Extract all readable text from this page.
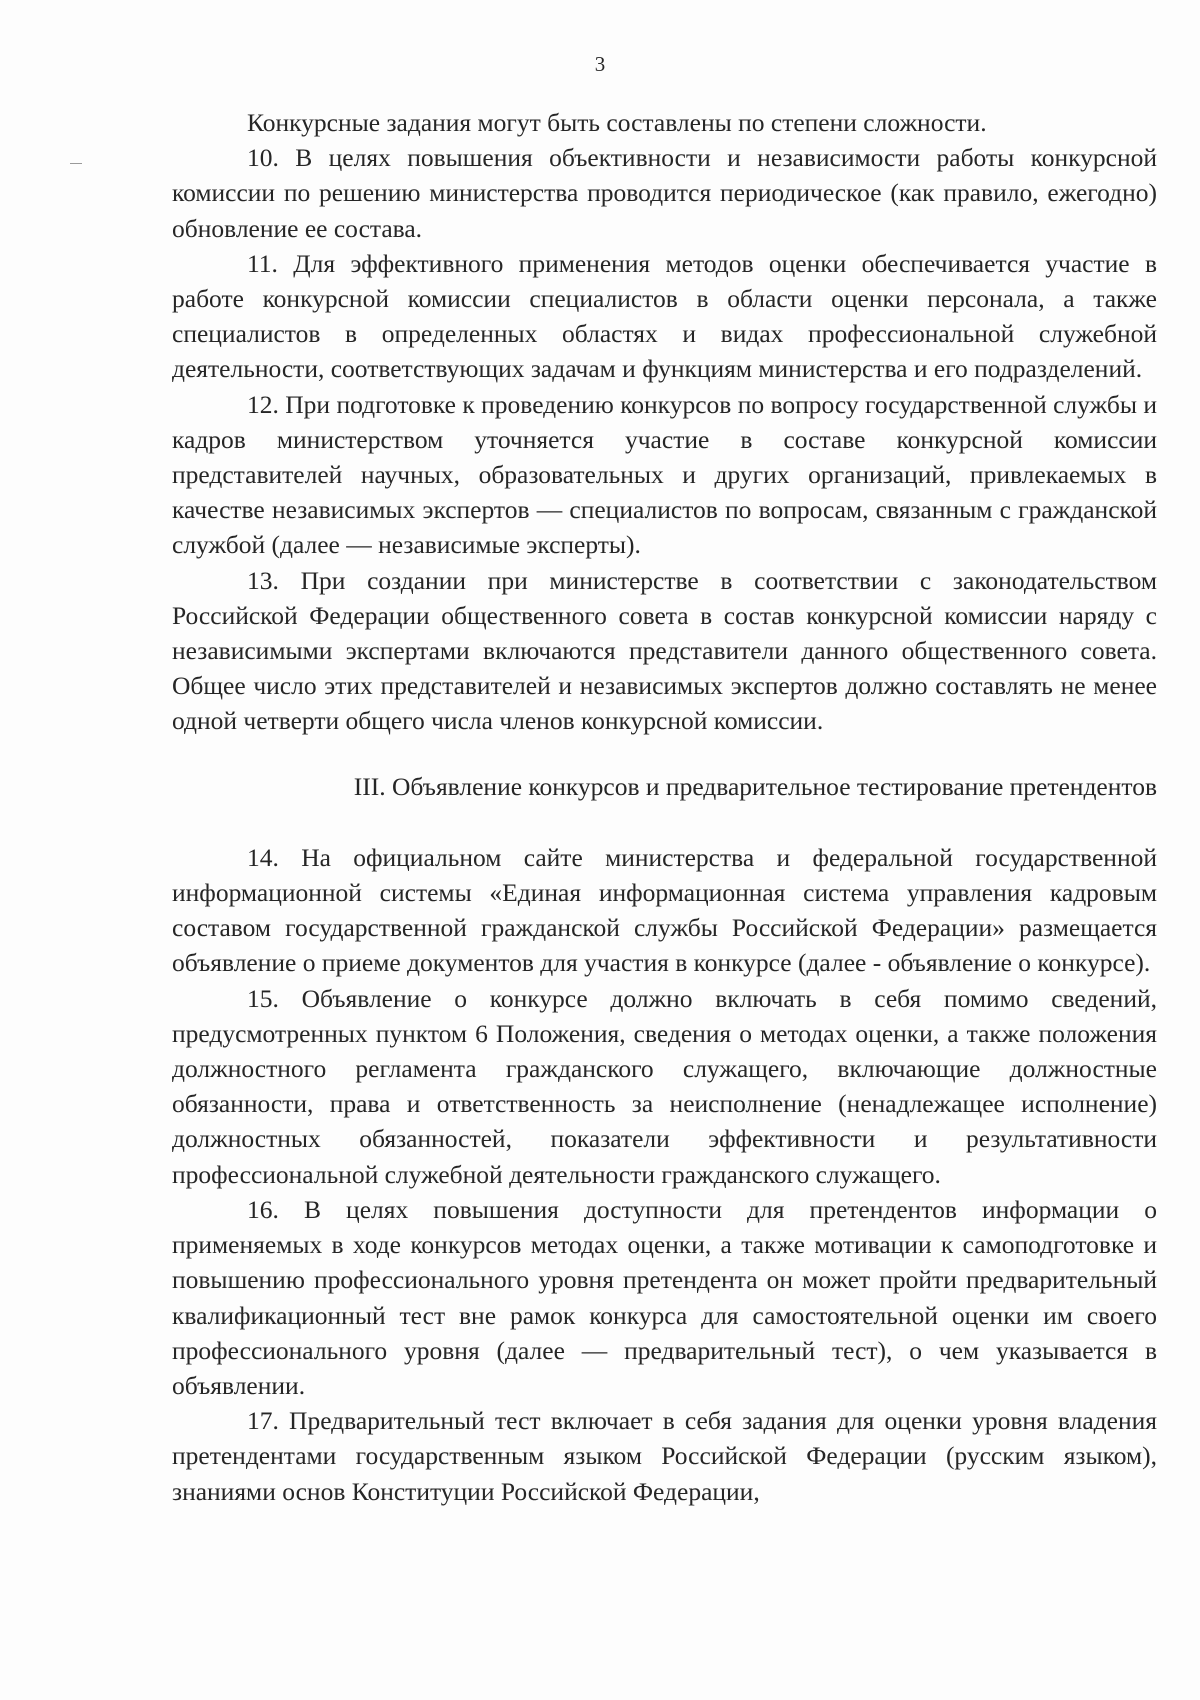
3

Конкурсные задания могут быть составлены по степени сложности.

10. В целях повышения объективности и независимости работы конкурсной комиссии по решению министерства проводится периодическое (как правило, ежегодно) обновление ее состава.

11. Для эффективного применения методов оценки обеспечивается участие в работе конкурсной комиссии специалистов в области оценки персонала, а также специалистов в определенных областях и видах профессиональной служебной деятельности, соответствующих задачам и функциям министерства и его подразделений.

12. При подготовке к проведению конкурсов по вопросу государственной службы и кадров министерством уточняется участие в составе конкурсной комиссии представителей научных, образовательных и других организаций, привлекаемых в качестве независимых экспертов — специалистов по вопросам, связанным с гражданской службой (далее — независимые эксперты).

13. При создании при министерстве в соответствии с законодательством Российской Федерации общественного совета в состав конкурсной комиссии наряду с независимыми экспертами включаются представители данного общественного совета. Общее число этих представителей и независимых экспертов должно составлять не менее одной четверти общего числа членов конкурсной комиссии.

III. Объявление конкурсов и предварительное тестирование претендентов

14. На официальном сайте министерства и федеральной государственной информационной системы «Единая информационная система управления кадровым составом государственной гражданской службы Российской Федерации» размещается объявление о приеме документов для участия в конкурсе (далее - объявление о конкурсе).

15. Объявление о конкурсе должно включать в себя помимо сведений, предусмотренных пунктом 6 Положения, сведения о методах оценки, а также положения должностного регламента гражданского служащего, включающие должностные обязанности, права и ответственность за неисполнение (ненадлежащее исполнение) должностных обязанностей, показатели эффективности и результативности профессиональной служебной деятельности гражданского служащего.

16. В целях повышения доступности для претендентов информации о применяемых в ходе конкурсов методах оценки, а также мотивации к самоподготовке и повышению профессионального уровня претендента он может пройти предварительный квалификационный тест вне рамок конкурса для самостоятельной оценки им своего профессионального уровня (далее — предварительный тест), о чем указывается в объявлении.

17. Предварительный тест включает в себя задания для оценки уровня владения претендентами государственным языком Российской Федерации (русским языком), знаниями основ Конституции Российской Федерации,
